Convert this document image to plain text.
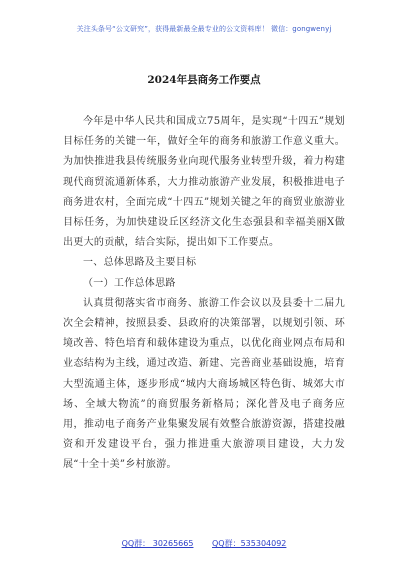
关注头条号“公文研究”，获得最新最全最专业的公文资料库！ 微信：gongwenyj
2024年县商务工作要点

今年是中华人民共和国成立75周年，是实现“十四五”规划目标任务的关键一年，做好全年的商务和旅游工作意义重大。为加快推进我县传统服务业向现代服务业转型升级，着力构建现代商贸流通新体系，大力推动旅游产业发展，积极推进电子商务进农村，全面完成“十四五”规划关键之年的商贸业旅游业目标任务，为加快建设丘区经济文化生态强县和幸福美丽X做出更大的贡献，结合实际，提出如下工作要点。

一、总体思路及主要目标

（一）工作总体思路

认真贯彻落实省市商务、旅游工作会议以及县委十二届九次全会精神，按照县委、县政府的决策部署，以规划引领、环境改善、特色培育和载体建设为重点，以优化商业网点布局和业态结构为主线，通过改造、新建、完善商业基础设施，培育大型流通主体，逐步形成“城内大商场城区特色街、城郊大市场、全域大物流”的商贸服务新格局；深化普及电子商务应用，推动电子商务产业集聚发展有效整合旅游资源，搭建投融资和开发建设平台，强力推进重大旅游项目建设，大力发展“十全十美”乡村旅游。

QQ群： 30265665 QQ群：535304092
